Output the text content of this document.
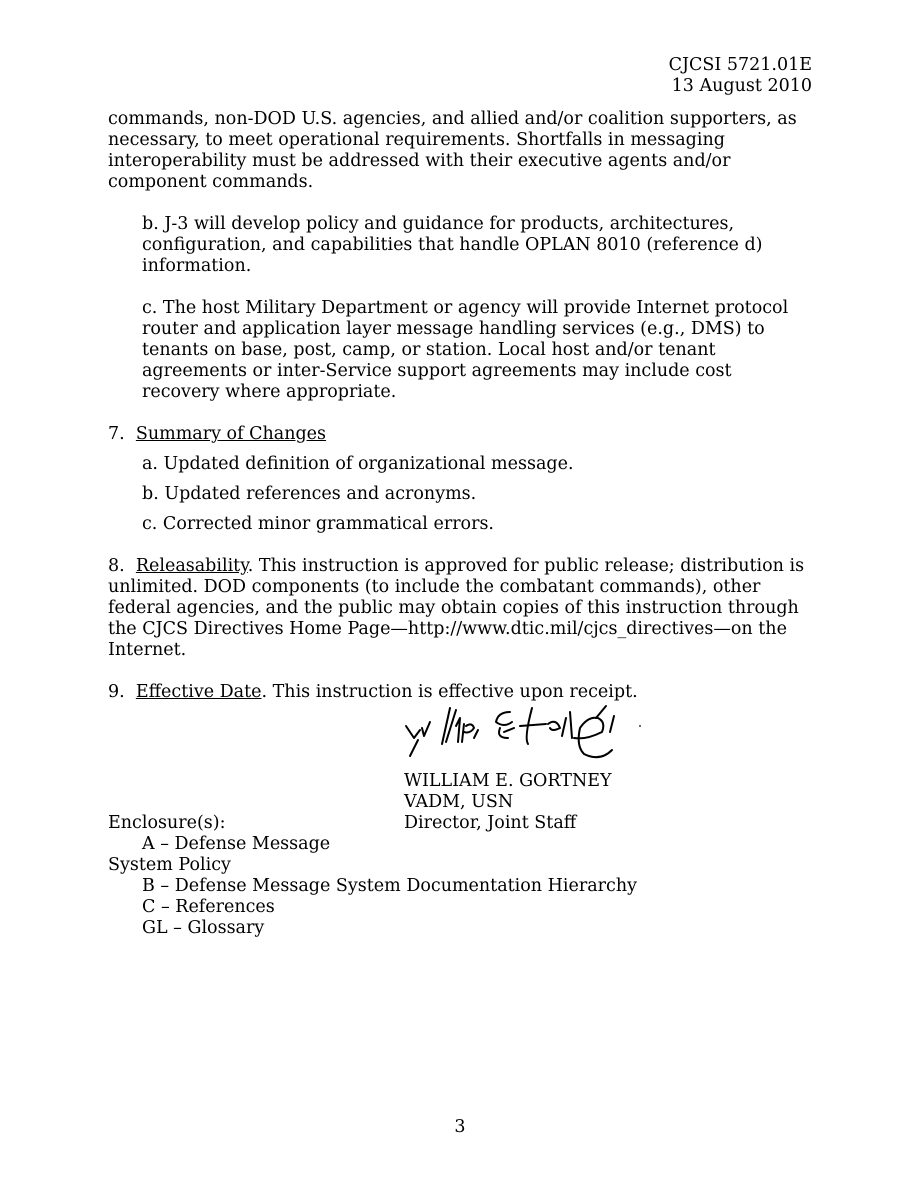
CJCSI 5721.01E
13 August 2010

commands, non-DOD U.S. agencies, and allied and/or coalition supporters, as necessary, to meet operational requirements. Shortfalls in messaging interoperability must be addressed with their executive agents and/or component commands.

b. J-3 will develop policy and guidance for products, architectures, configuration, and capabilities that handle OPLAN 8010 (reference d) information.

c. The host Military Department or agency will provide Internet protocol router and application layer message handling services (e.g., DMS) to tenants on base, post, camp, or station. Local host and/or tenant agreements or inter-Service support agreements may include cost recovery where appropriate.

7. Summary of Changes

a. Updated definition of organizational message.

b. Updated references and acronyms.

c. Corrected minor grammatical errors.

8. Releasability. This instruction is approved for public release; distribution is unlimited. DOD components (to include the combatant commands), other federal agencies, and the public may obtain copies of this instruction through the CJCS Directives Home Page—http://www.dtic.mil/cjcs_directives—on the Internet.

9. Effective Date. This instruction is effective upon receipt.

WILLIAM E. GORTNEY
VADM, USN
Director, Joint Staff
Enclosure(s):
A – Defense Message
System Policy
B – Defense Message System Documentation Hierarchy
C – References
GL – Glossary
3
